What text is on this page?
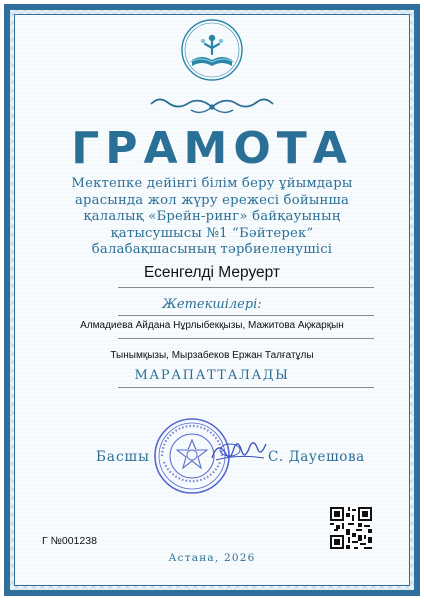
ГРАМОТА
Мектепке дейінгі білім беру ұйымдары арасында жол жүру ережесі бойынша қалалық «Брейн-ринг» байқауының қатысушысы №1 “Бәйтерек” балабақшасының тәрбиеленушісі
Есенгелді Меруерт
Жетекшілері:
Алмадиева Айдана Нұрлыбекқызы, Мажитова Ақжарқын
Тынымқызы, Мырзабеков Ержан Талғатұлы
МАРАПАТТАЛАДЫ
Басшы	С. Дауешова
Г №001238
Астана, 2026
